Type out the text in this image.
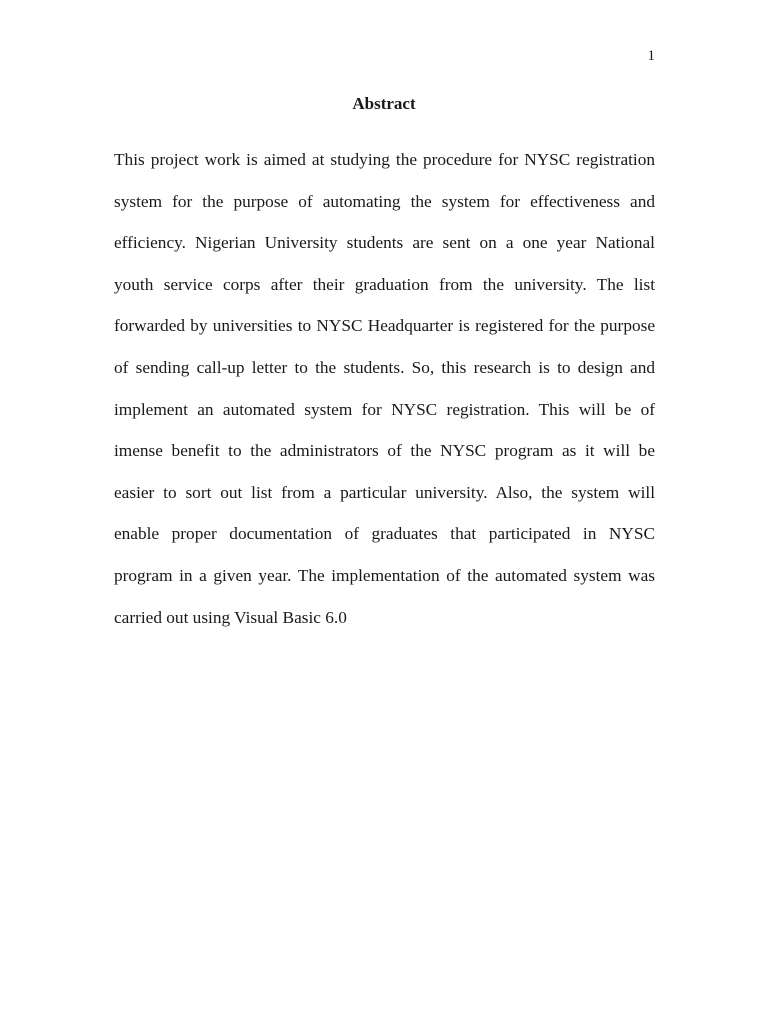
1
Abstract
This project work is aimed at studying the procedure for NYSC registration
system for the purpose of automating the system for effectiveness and
efficiency. Nigerian University students are sent on a one year National
youth service corps after their graduation from the university. The list
forwarded by universities to NYSC Headquarter is registered for the purpose
of sending call-up letter to the students. So, this research is to design and
implement an automated system for NYSC registration. This will be of
imense benefit to the administrators of the NYSC program as it will be
easier to sort out list from a particular university. Also, the system will
enable proper documentation of graduates that participated in NYSC
program in a given year. The implementation of the automated system was
carried out using Visual Basic 6.0
